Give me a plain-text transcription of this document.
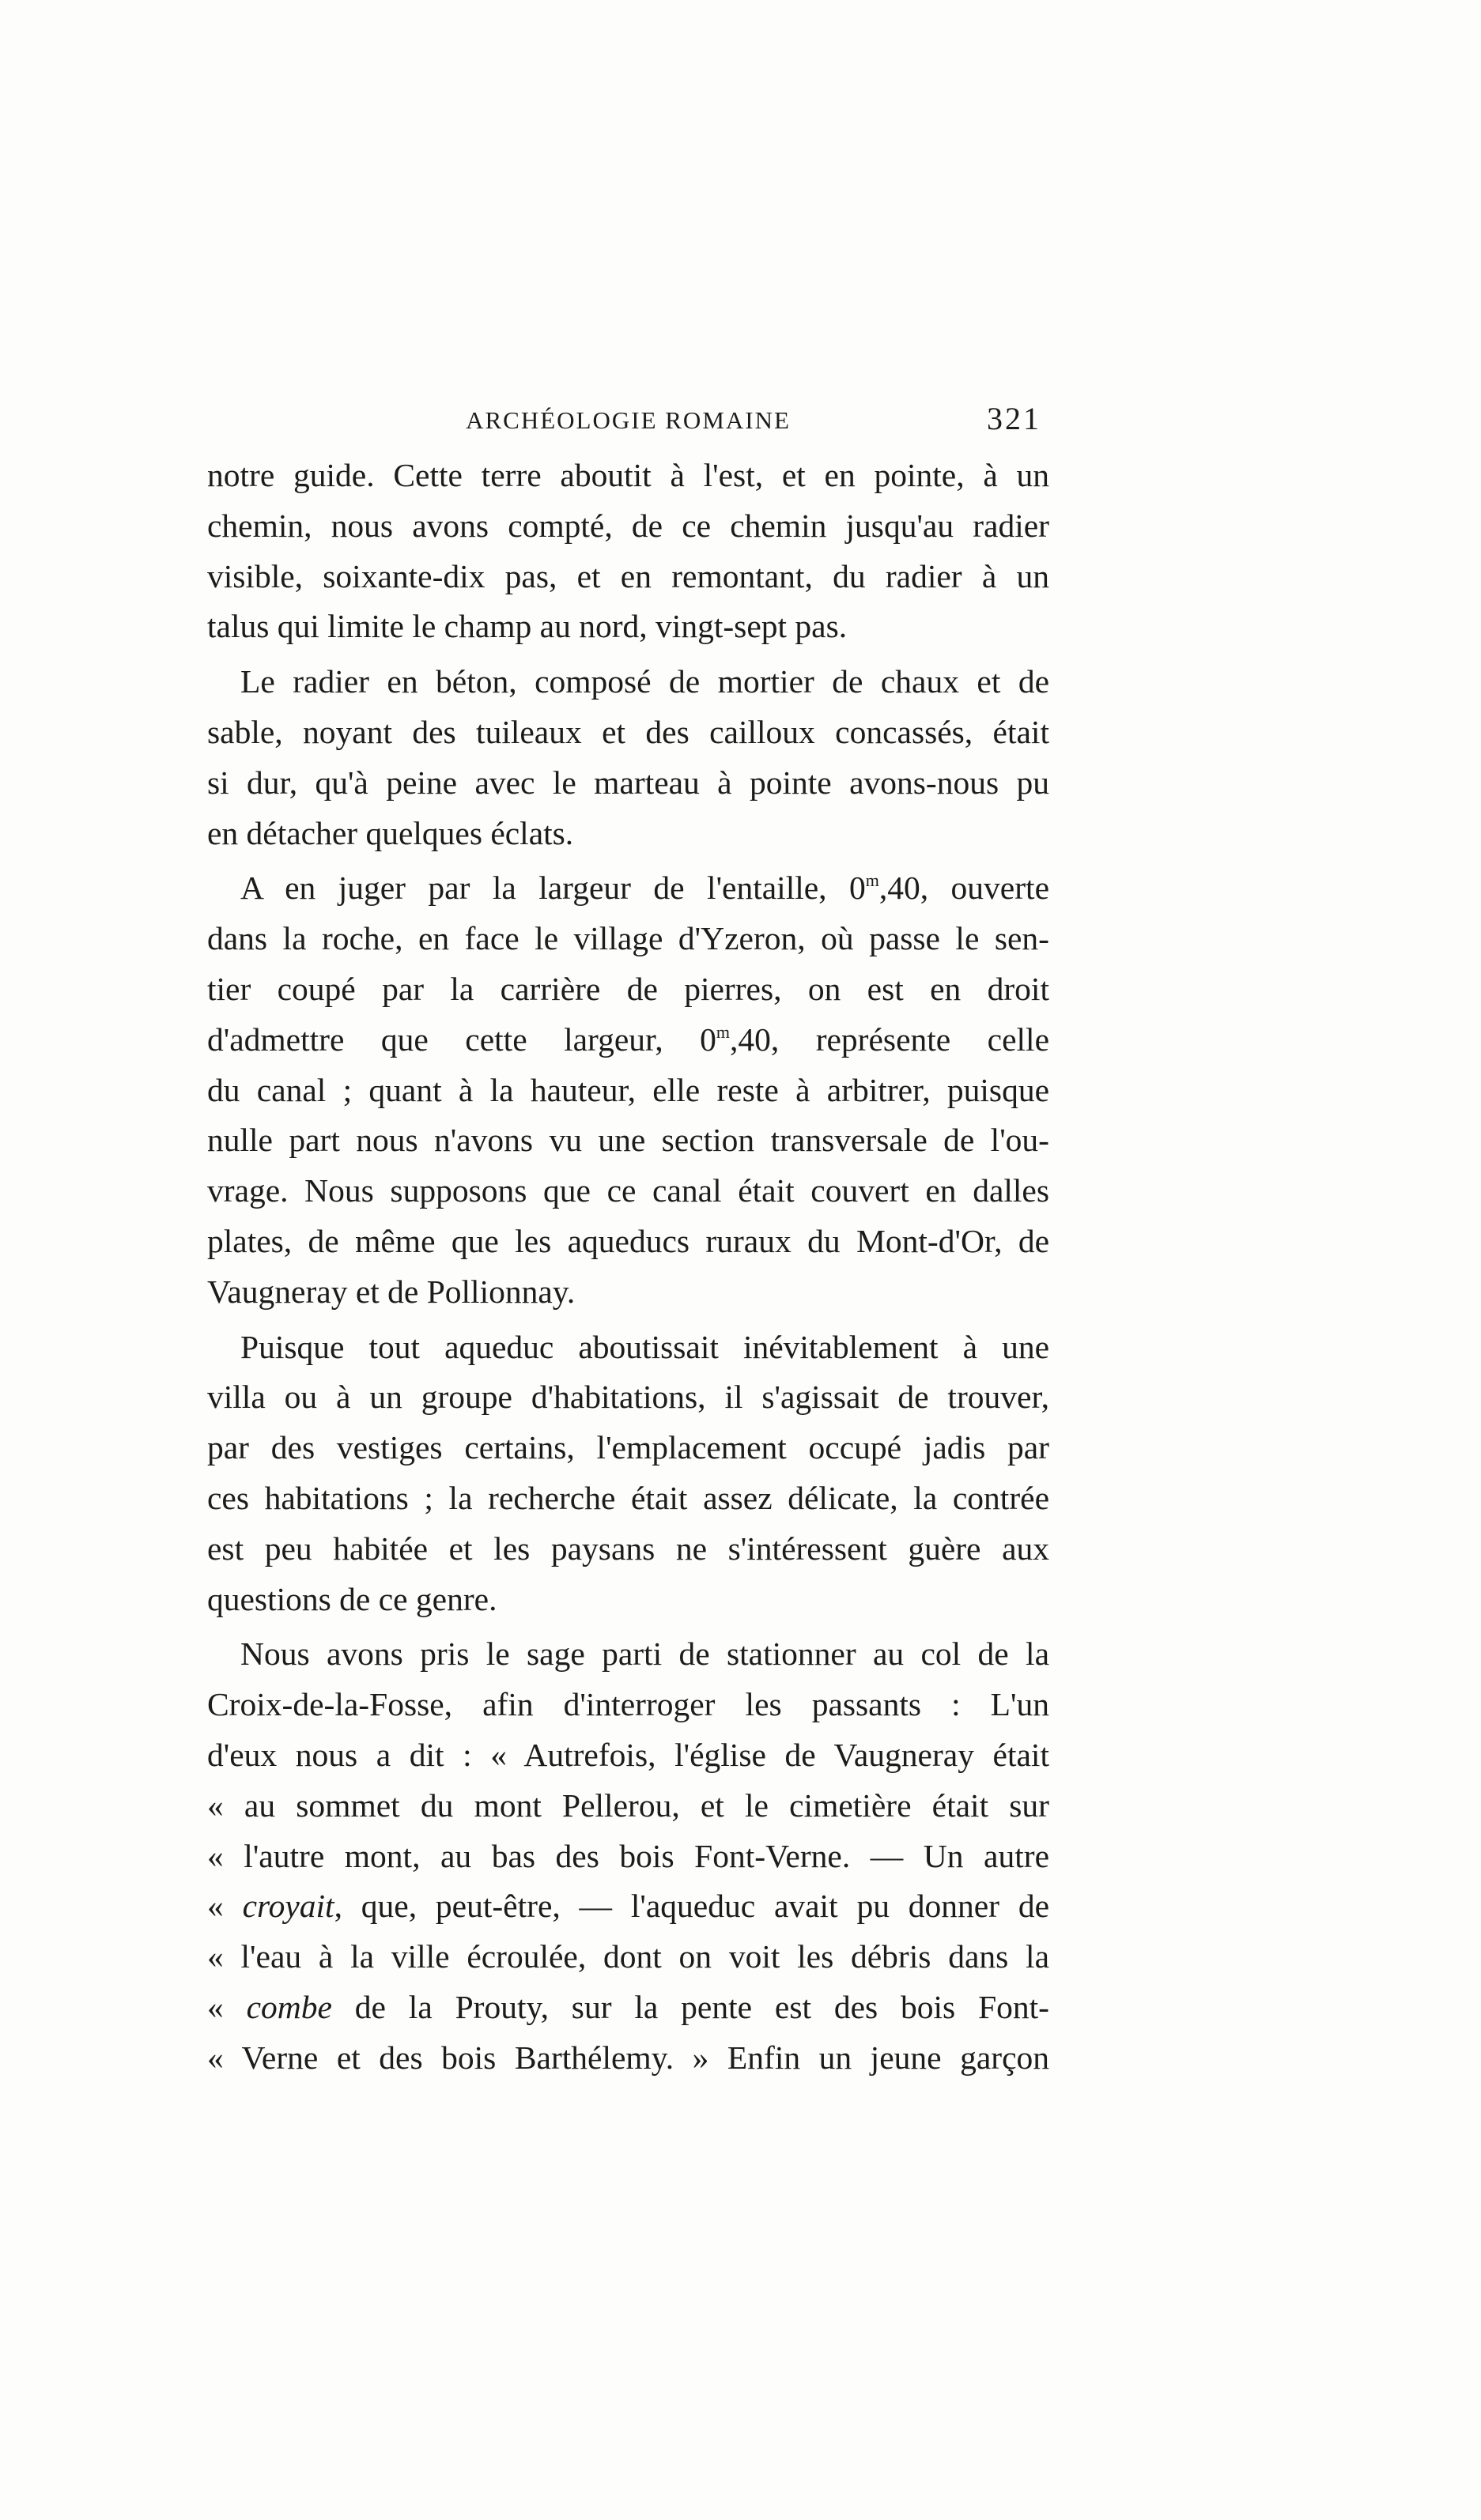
ARCHÉOLOGIE ROMAINE	321
notre guide. Cette terre aboutit à l'est, et en pointe, à un
chemin, nous avons compté, de ce chemin jusqu'au radier
visible, soixante-dix pas, et en remontant, du radier à un
talus qui limite le champ au nord, vingt-sept pas.
Le radier en béton, composé de mortier de chaux et de
sable, noyant des tuileaux et des cailloux concassés, était
si dur, qu'à peine avec le marteau à pointe avons-nous pu
en détacher quelques éclats.
A en juger par la largeur de l'entaille, 0$^m$,40, ouverte
dans la roche, en face le village d'Yzeron, où passe le sen-
tier coupé par la carrière de pierres, on est en droit
d'admettre que cette largeur, 0$^m$,40, représente celle
du canal ; quant à la hauteur, elle reste à arbitrer, puisque
nulle part nous n'avons vu une section transversale de l'ou-
vrage. Nous supposons que ce canal était couvert en dalles
plates, de même que les aqueducs ruraux du Mont-d'Or, de
Vaugneray et de Pollionnay.
Puisque tout aqueduc aboutissait inévitablement à une
villa ou à un groupe d'habitations, il s'agissait de trouver,
par des vestiges certains, l'emplacement occupé jadis par
ces habitations ; la recherche était assez délicate, la contrée
est peu habitée et les paysans ne s'intéressent guère aux
questions de ce genre.
Nous avons pris le sage parti de stationner au col de la
Croix-de-la-Fosse, afin d'interroger les passants : L'un
d'eux nous a dit : « Autrefois, l'église de Vaugneray était
« au sommet du mont Pellerou, et le cimetière était sur
« l'autre mont, au bas des bois Font-Verne. — Un autre
« croyait, que, peut-être, — l'aqueduc avait pu donner de
« l'eau à la ville écroulée, dont on voit les débris dans la
« combe de la Prouty, sur la pente est des bois Font-
« Verne et des bois Barthélemy. » Enfin un jeune garçon
